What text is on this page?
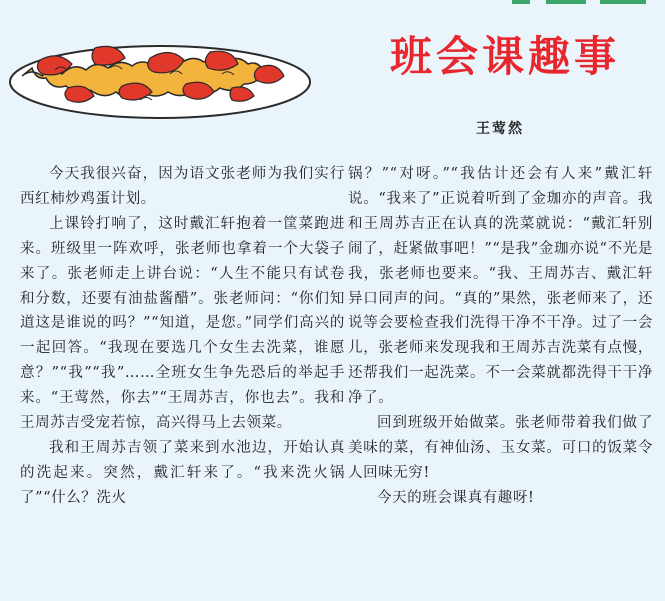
班会课趣事
王莺然

今天我很兴奋，因为语文张老师为我们实行西红柿炒鸡蛋计划。

上课铃打响了，这时戴汇轩抱着一筐菜跑进来。班级里一阵欢呼，张老师也拿着一个大袋子来了。张老师走上讲台说：“人生不能只有试卷和分数，还要有油盐酱醋”。张老师问：“你们知道这是谁说的吗？”“知道，是您。”同学们高兴的一起回答。“我现在要选几个女生去洗菜，谁愿意？”“我”“我”……全班女生争先恐后的举起手来。“王莺然，你去”“王周苏吉，你也去”。我和王周苏吉受宠若惊，高兴得马上去领菜。

我和王周苏吉领了菜来到水池边，开始认真的洗起来。突然，戴汇轩来了。“我来洗火锅了”“什么？洗火

锅？”“对呀。”“我估计还会有人来”戴汇轩说。“我来了”正说着听到了金珈亦的声音。我和王周苏吉正在认真的洗菜就说：“戴汇轩别闹了，赶紧做事吧！”“是我”金珈亦说“不光是我，张老师也要来。“我、王周苏吉、戴汇轩异口同声的问。“真的”果然，张老师来了，还说等会要检查我们洗得干净不干净。过了一会儿，张老师来发现我和王周苏吉洗菜有点慢，还帮我们一起洗菜。不一会菜就都洗得干干净净了。

回到班级开始做菜。张老师带着我们做了美味的菜，有神仙汤、玉女菜。可口的饭菜令人回味无穷!

今天的班会课真有趣呀!
